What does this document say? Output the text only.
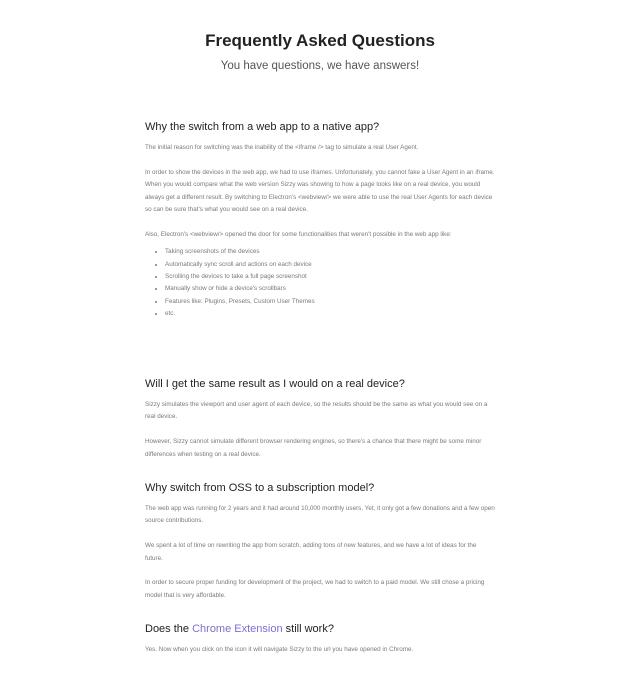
Frequently Asked Questions

You have questions, we have answers!

Why the switch from a web app to a native app?

The initial reason for switching was the inability of the <iframe /> tag to simulate a real User Agent.

In order to show the devices in the web app, we had to use iframes. Unfortunately, you cannot fake a User Agent in an iframe. When you would compare what the web version Sizzy was showing to how a page looks like on a real device, you would always get a different result. By switching to Electron's <webview/> we were able to use the real User Agents for each device so can be sure that's what you would see on a real device.

Also, Electron's <webview/> opened the door for some functionalities that weren't possible in the web app like:

• Taking screenshots of the devices
• Automatically sync scroll and actions on each device
• Scrolling the devices to take a full page screenshot
• Manually show or hide a device's scrollbars
• Features like: Plugins, Presets, Custom User Themes
• etc.
Will I get the same result as I would on a real device?

Sizzy simulates the viewport and user agent of each device, so the results should be the same as what you would see on a real device.

However, Sizzy cannot simulate different browser rendering engines, so there's a chance that there might be some minor differences when testing on a real device.

Why switch from OSS to a subscription model?

The web app was running for 2 years and it had around 10,000 monthly users. Yet, it only got a few donations and a few open source contributions.

We spent a lot of time on rewriting the app from scratch, adding tons of new features, and we have a lot of ideas for the future.

In order to secure proper funding for development of the project, we had to switch to a paid model. We still chose a pricing model that is very affordable.

Does the Chrome Extension still work?

Yes. Now when you click on the icon it will navigate Sizzy to the url you have opened in Chrome.
